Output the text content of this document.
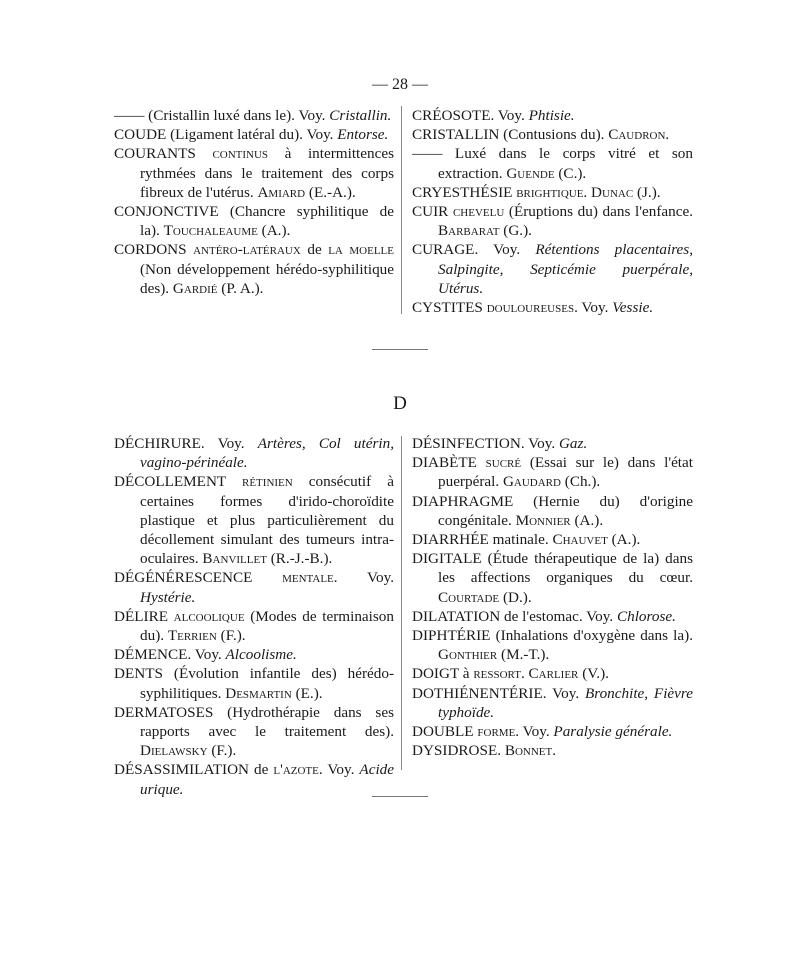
— 28 —

—— (Cristallin luxé dans le). Voy. Cristallin.

COUDE (Ligament latéral du). Voy. Entorse.

COURANTS continus à intermittences rythmées dans le traitement des corps fibreux de l'utérus. Amiard (E.-A.).

CONJONCTIVE (Chancre syphilitique de la). Touchaleaume (A.).

CORDONS antéro-latéraux de la moelle (Non développement hérédo-syphilitique des). Gardié (P. A.).

CRÉOSOTE. Voy. Phtisie.

CRISTALLIN (Contusions du). Caudron.

—— Luxé dans le corps vitré et son extraction. Guende (C.).

CRYESTHÉSIE brightique. Dunac (J.).

CUIR chevelu (Éruptions du) dans l'enfance. Barbarat (G.).

CURAGE. Voy. Rétentions placentaires, Salpingite, Septicémie puerpérale, Utérus.

CYSTITES douloureuses. Voy. Vessie.

D

DÉCHIRURE. Voy. Artères, Col utérin, vagino-périnéale.

DÉCOLLEMENT rétinien consécutif à certaines formes d'irido-choroïdite plastique et plus particulièrement du décollement simulant des tumeurs intra-oculaires. Banvillet (R.-J.-B.).

DÉGÉNÉRESCENCE mentale. Voy. Hystérie.

DÉLIRE alcoolique (Modes de terminaison du). Terrien (F.).

DÉMENCE. Voy. Alcoolisme.

DENTS (Évolution infantile des) hérédo-syphilitiques. Desmartin (E.).

DERMATOSES (Hydrothérapie dans ses rapports avec le traitement des). Dielawsky (F.).

DÉSASSIMILATION de l'azote. Voy. Acide urique.

DÉSINFECTION. Voy. Gaz.

DIABÈTE sucré (Essai sur le) dans l'état puerpéral. Gaudard (Ch.).

DIAPHRAGME (Hernie du) d'origine congénitale. Monnier (A.).

DIARRHÉE matinale. Chauvet (A.).

DIGITALE (Étude thérapeutique de la) dans les affections organiques du cœur. Courtade (D.).

DILATATION de l'estomac. Voy. Chlorose.

DIPHTÉRIE (Inhalations d'oxygène dans la). Gonthier (M.-T.).

DOIGT à ressort. Carlier (V.).

DOTHIÉNENTÉRIE. Voy. Bronchite, Fièvre typhoïde.

DOUBLE forme. Voy. Paralysie générale.

DYSIDROSE. Bonnet.
